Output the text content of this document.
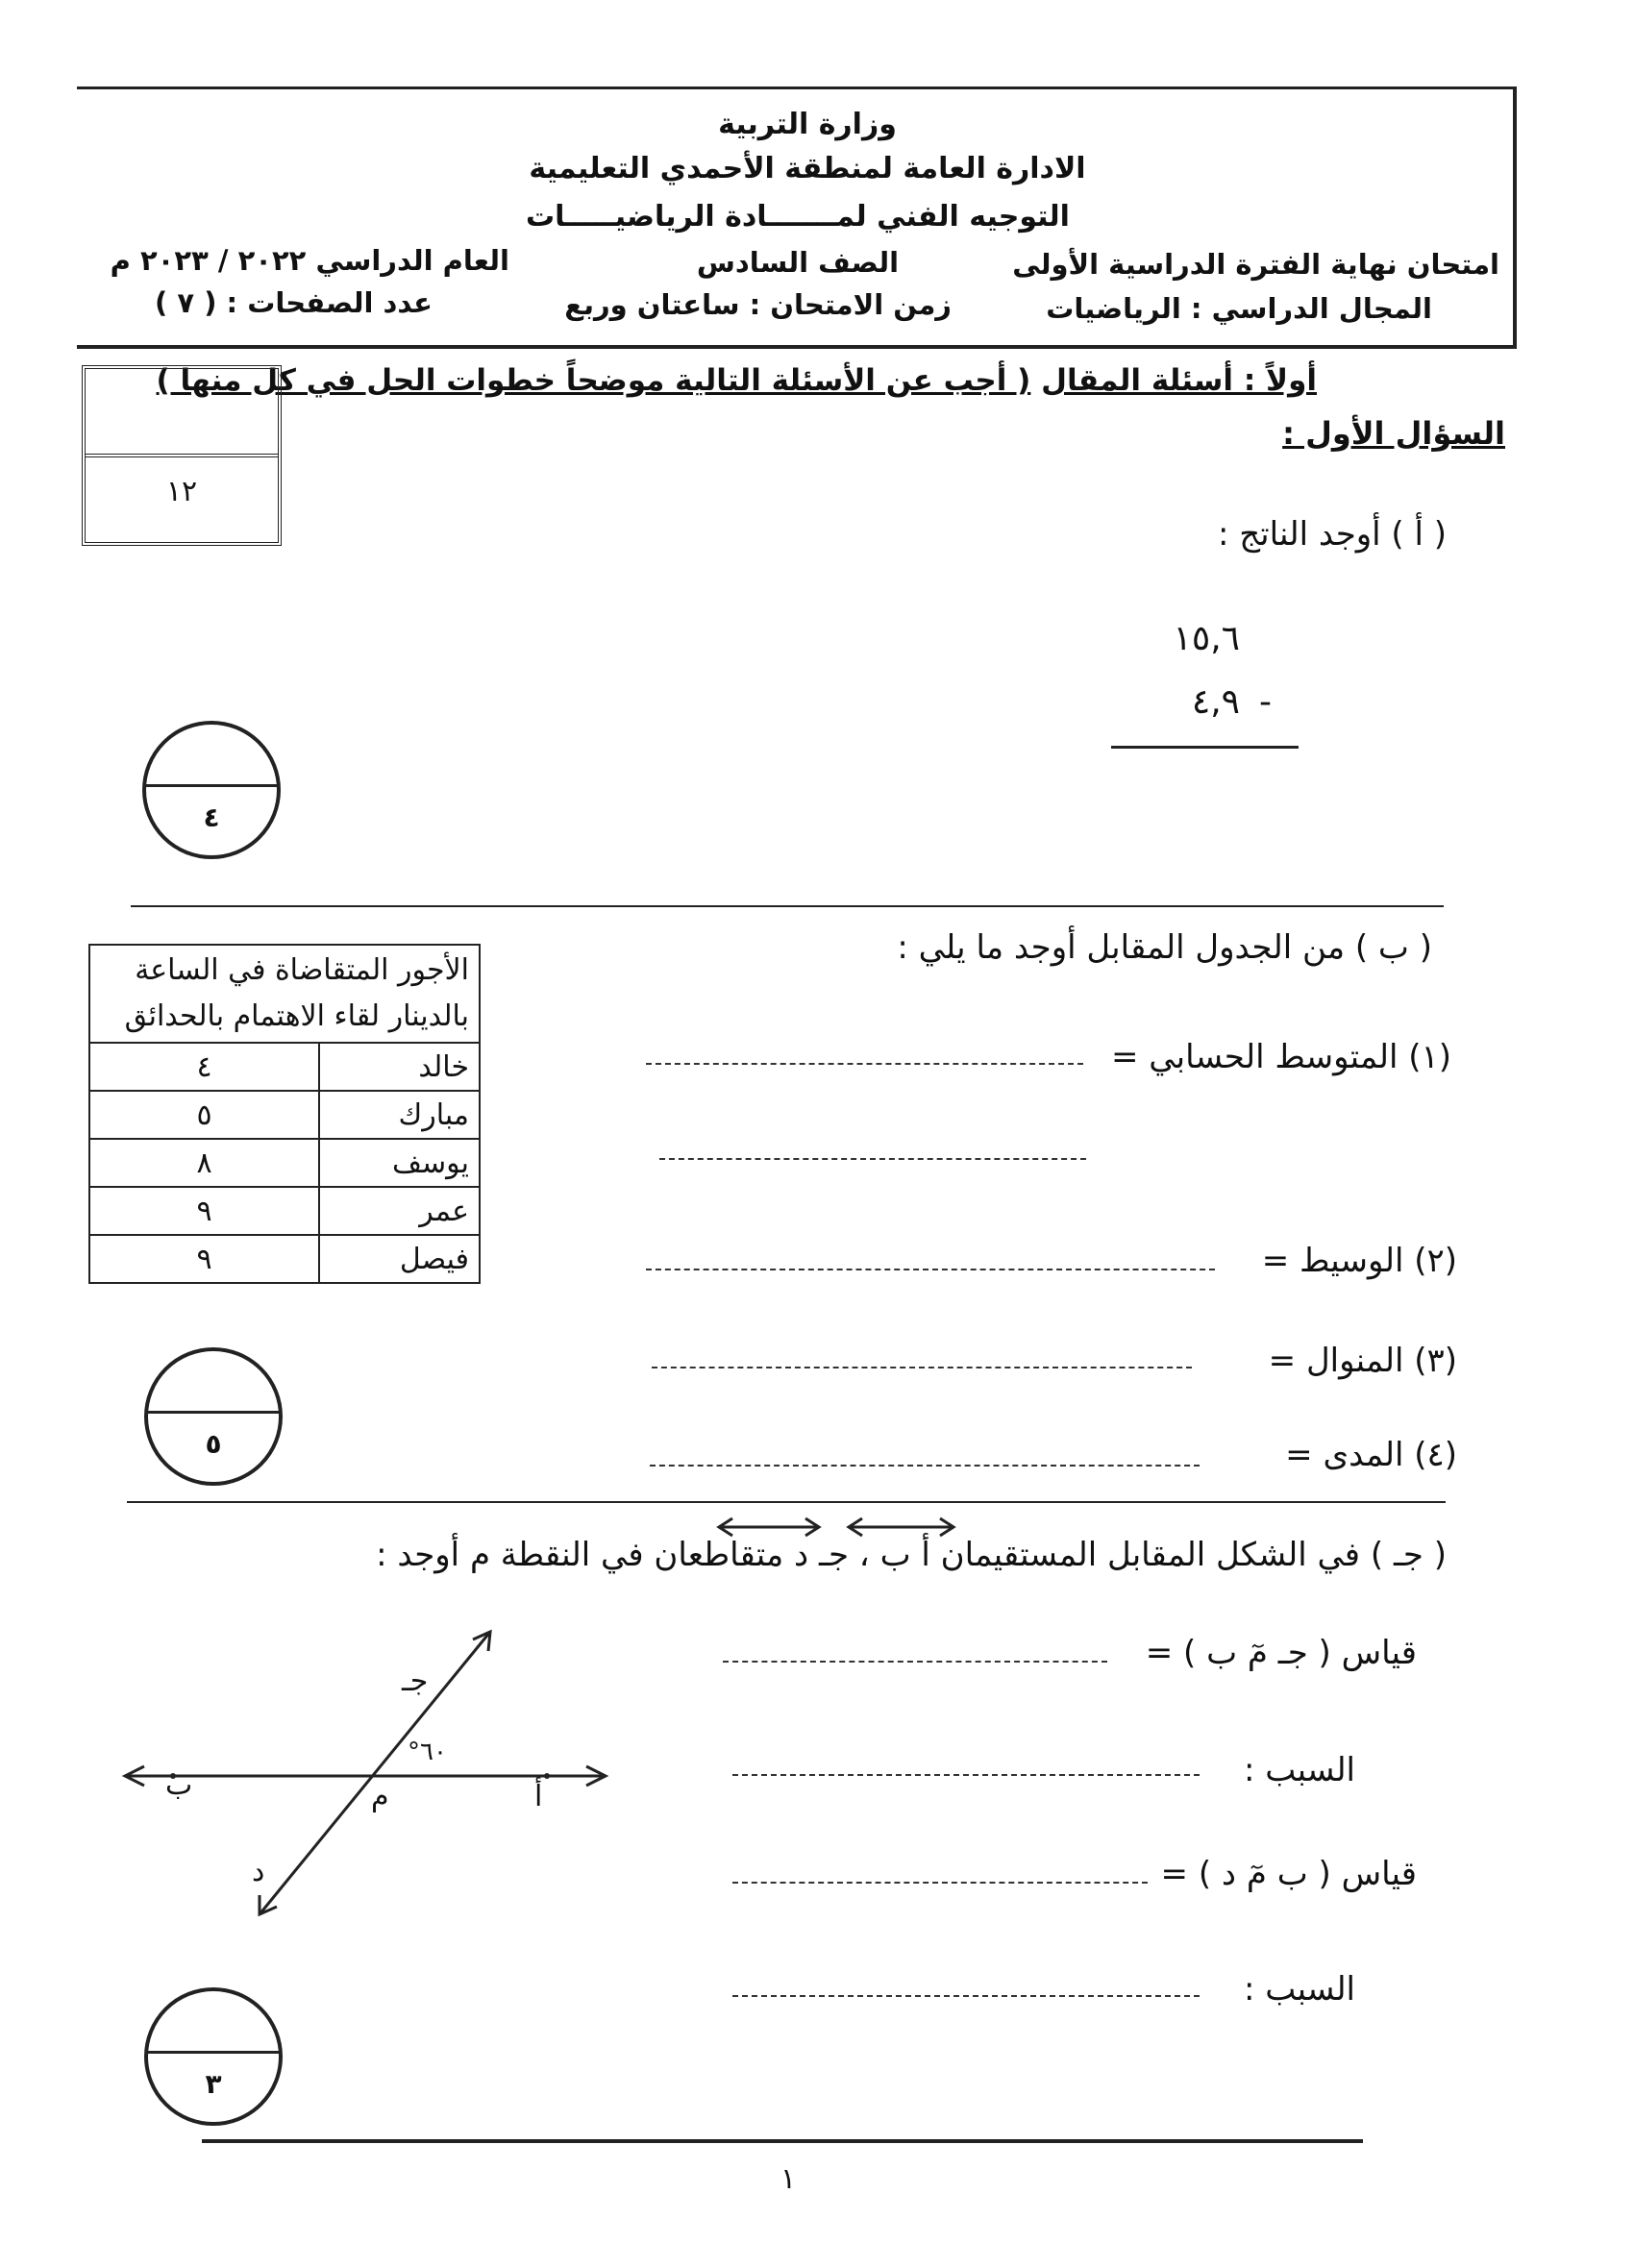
وزارة التربية
الادارة العامة لمنطقة الأحمدي التعليمية
التوجيه الفني لمـــــــادة الرياضيـــــات
امتحان نهاية الفترة الدراسية الأولى
الصف السادس
العام الدراسي ٢٠٢٢ / ٢٠٢٣ م
المجال الدراسي : الرياضيات
زمن الامتحان : ساعتان وربع
عدد الصفحات : ( ٧ )
أولاً : أسئلة المقال ( أجب عن الأسئلة التالية موضحاً خطوات الحل في كل منها )
السؤال الأول :
١٢
( أ ) أوجد الناتج :
١٥,٦
٤,٩ -
٤
( ب ) من الجدول المقابل أوجد ما يلي :
(١) المتوسط الحسابي =
(٢) الوسيط =
(٣) المنوال =
(٤) المدى =
الأجور المتقاضاة في الساعة بالدينار لقاء الاهتمام بالحدائق	
خالد	٤
مبارك	٥
يوسف	٨
عمر	٩
فيصل	٩
٥
( جـ ) في الشكل المقابل المستقيمان أ ب ، جـ د متقاطعان في النقطة م أوجد :
قياس ( جـ مٓ ب ) =
السبب :
قياس ( ب مٓ د ) =
السبب :
أ
ب
جـ
د
م
°٦٠
٣
١
